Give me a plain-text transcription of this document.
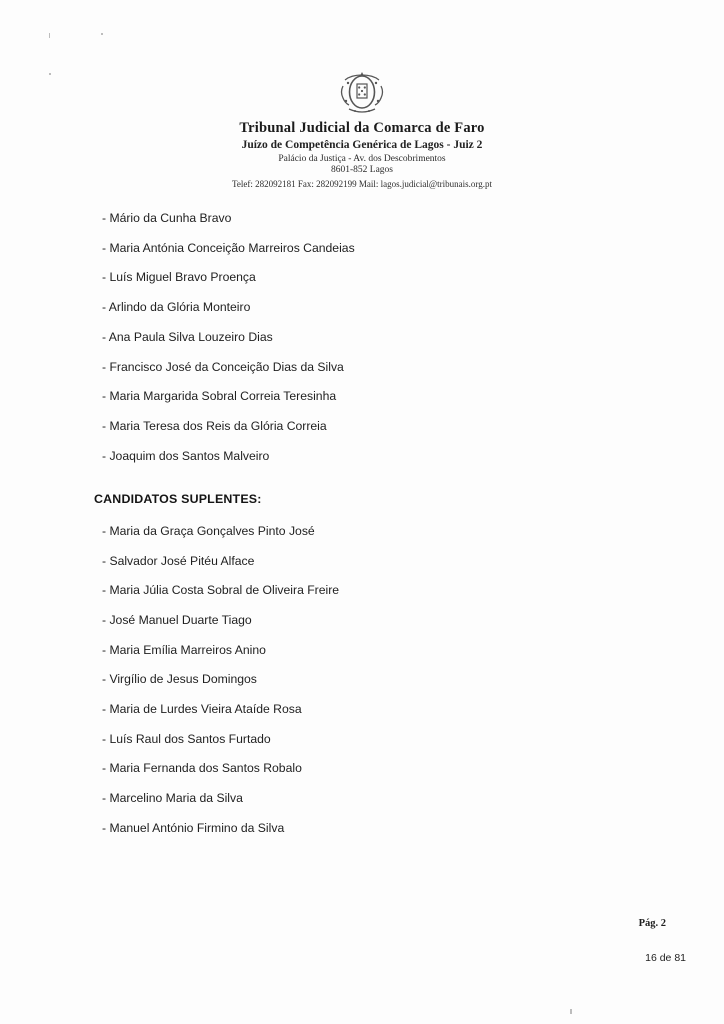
Tribunal Judicial da Comarca de Faro
Juízo de Competência Genérica de Lagos - Juiz 2
Palácio da Justiça - Av. dos Descobrimentos
8601-852 Lagos
Telef: 282092181 Fax: 282092199 Mail: lagos.judicial@tribunais.org.pt
- Mário da Cunha Bravo
- Maria Antónia Conceição Marreiros Candeias
- Luís Miguel Bravo Proença
- Arlindo da Glória Monteiro
- Ana Paula Silva Louzeiro Dias
- Francisco José da Conceição Dias da Silva
- Maria Margarida Sobral Correia Teresinha
- Maria Teresa dos Reis da Glória Correia
- Joaquim dos Santos Malveiro
CANDIDATOS SUPLENTES:
- Maria da Graça Gonçalves Pinto José
- Salvador José Pitéu Alface
- Maria Júlia Costa Sobral de Oliveira Freire
- José Manuel Duarte Tiago
- Maria Emília Marreiros Anino
- Virgílio de Jesus Domingos
- Maria de Lurdes Vieira Ataíde Rosa
- Luís Raul dos Santos Furtado
- Maria Fernanda dos Santos Robalo
- Marcelino Maria da Silva
- Manuel António Firmino da Silva
Pág. 2
16 de 81
